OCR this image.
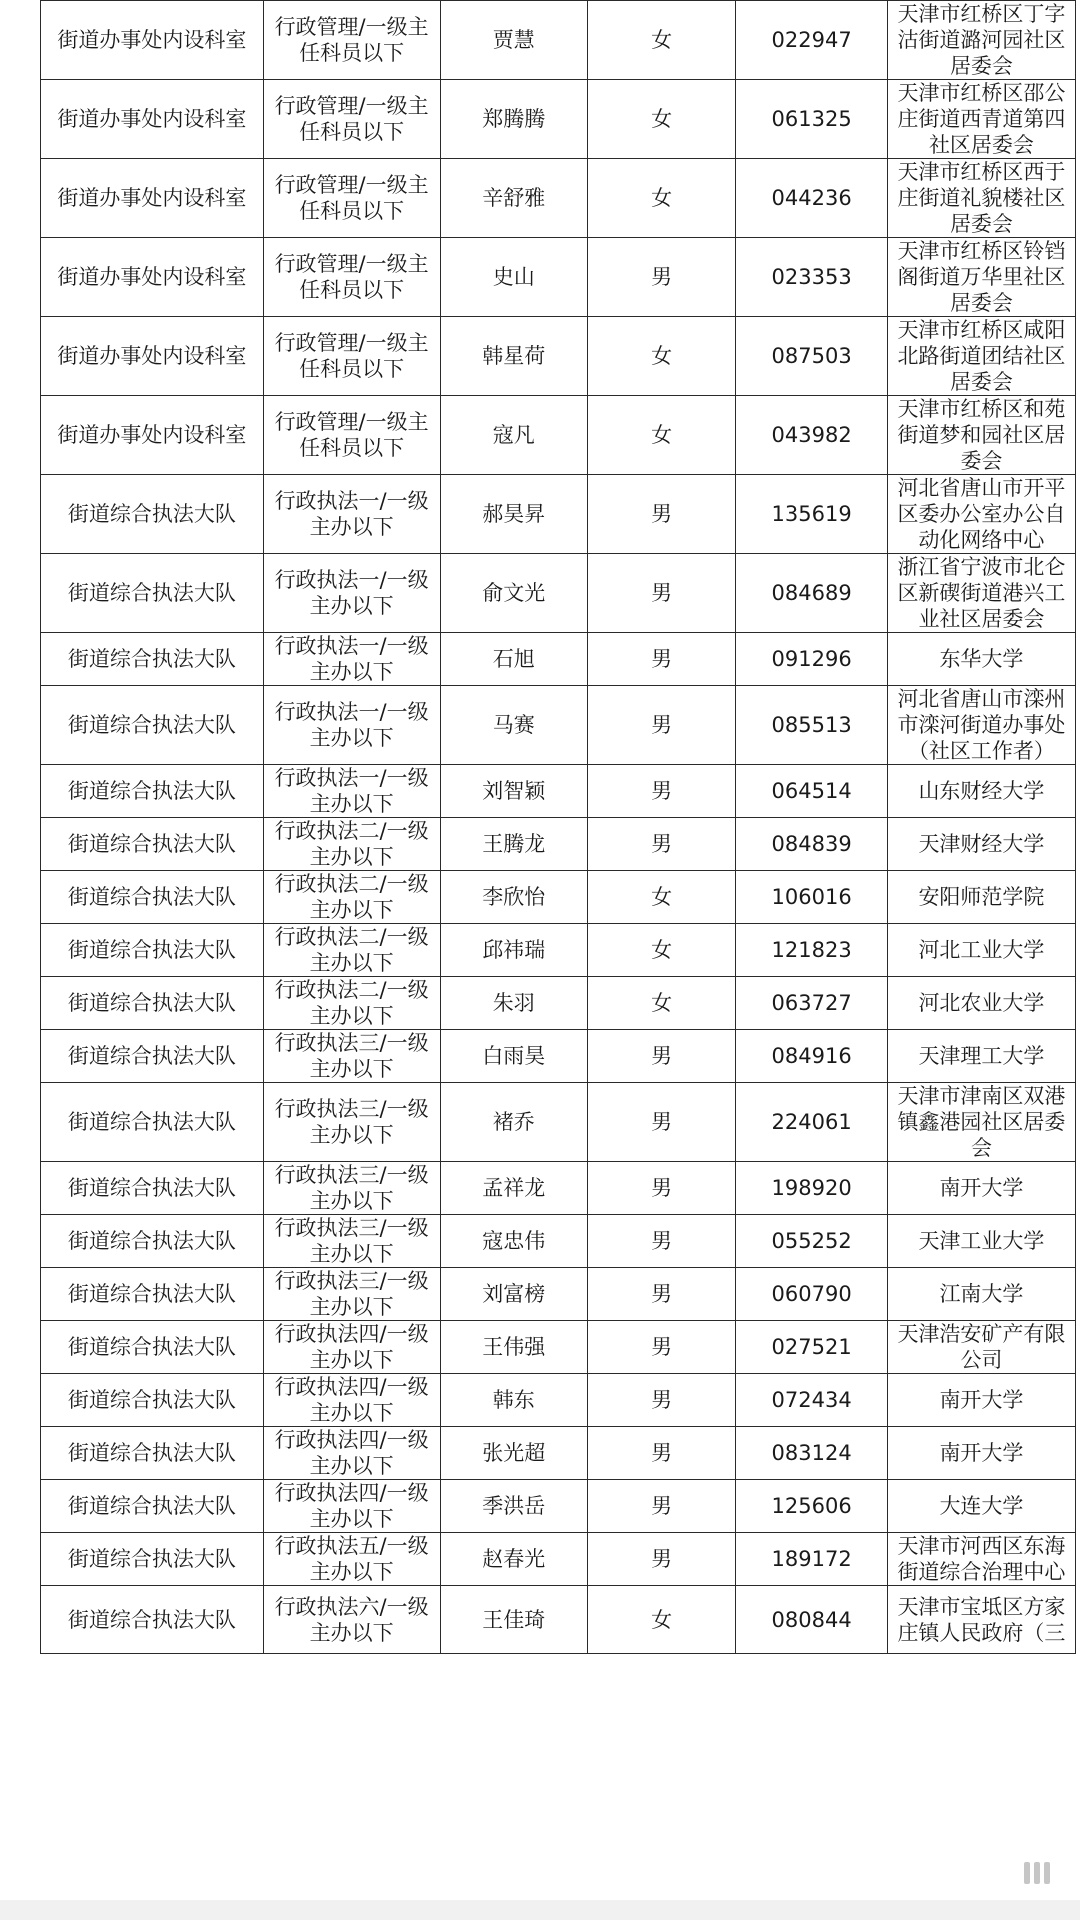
街道办事处内设科室	行政管理/一级主任科员以下	贾慧	女	022947	天津市红桥区丁字沽街道潞河园社区居委会

街道办事处内设科室	行政管理/一级主任科员以下	郑腾腾	女	061325	天津市红桥区邵公庄街道西青道第四社区居委会

街道办事处内设科室	行政管理/一级主任科员以下	辛舒雅	女	044236	天津市红桥区西于庄街道礼貌楼社区居委会

街道办事处内设科室	行政管理/一级主任科员以下	史山	男	023353	天津市红桥区铃铛阁街道万华里社区居委会

街道办事处内设科室	行政管理/一级主任科员以下	韩星荷	女	087503	天津市红桥区咸阳北路街道团结社区居委会

街道办事处内设科室	行政管理/一级主任科员以下	寇凡	女	043982	天津市红桥区和苑街道梦和园社区居委会

街道综合执法大队	行政执法一/一级主办以下	郝昊昇	男	135619	河北省唐山市开平区委办公室办公自动化网络中心

街道综合执法大队	行政执法一/一级主办以下	俞文光	男	084689	浙江省宁波市北仑区新碶街道港兴工业社区居委会

街道综合执法大队	行政执法一/一级主办以下	石旭	男	091296	东华大学

街道综合执法大队	行政执法一/一级主办以下	马赛	男	085513	河北省唐山市滦州市滦河街道办事处（社区工作者）

街道综合执法大队	行政执法一/一级主办以下	刘智颖	男	064514	山东财经大学

街道综合执法大队	行政执法二/一级主办以下	王腾龙	男	084839	天津财经大学

街道综合执法大队	行政执法二/一级主办以下	李欣怡	女	106016	安阳师范学院

街道综合执法大队	行政执法二/一级主办以下	邱祎瑞	女	121823	河北工业大学

街道综合执法大队	行政执法二/一级主办以下	朱羽	女	063727	河北农业大学

街道综合执法大队	行政执法三/一级主办以下	白雨昊	男	084916	天津理工大学

街道综合执法大队	行政执法三/一级主办以下	褚乔	男	224061	天津市津南区双港镇鑫港园社区居委会

街道综合执法大队	行政执法三/一级主办以下	孟祥龙	男	198920	南开大学

街道综合执法大队	行政执法三/一级主办以下	寇忠伟	男	055252	天津工业大学

街道综合执法大队	行政执法三/一级主办以下	刘富榜	男	060790	江南大学

街道综合执法大队	行政执法四/一级主办以下	王伟强	男	027521	天津浩安矿产有限公司

街道综合执法大队	行政执法四/一级主办以下	韩东	男	072434	南开大学

街道综合执法大队	行政执法四/一级主办以下	张光超	男	083124	南开大学

街道综合执法大队	行政执法四/一级主办以下	季洪岳	男	125606	大连大学

街道综合执法大队	行政执法五/一级主办以下	赵春光	男	189172	天津市河西区东海街道综合治理中心

街道综合执法大队	行政执法六/一级主办以下	王佳琦	女	080844	天津市宝坻区方家庄镇人民政府（三
